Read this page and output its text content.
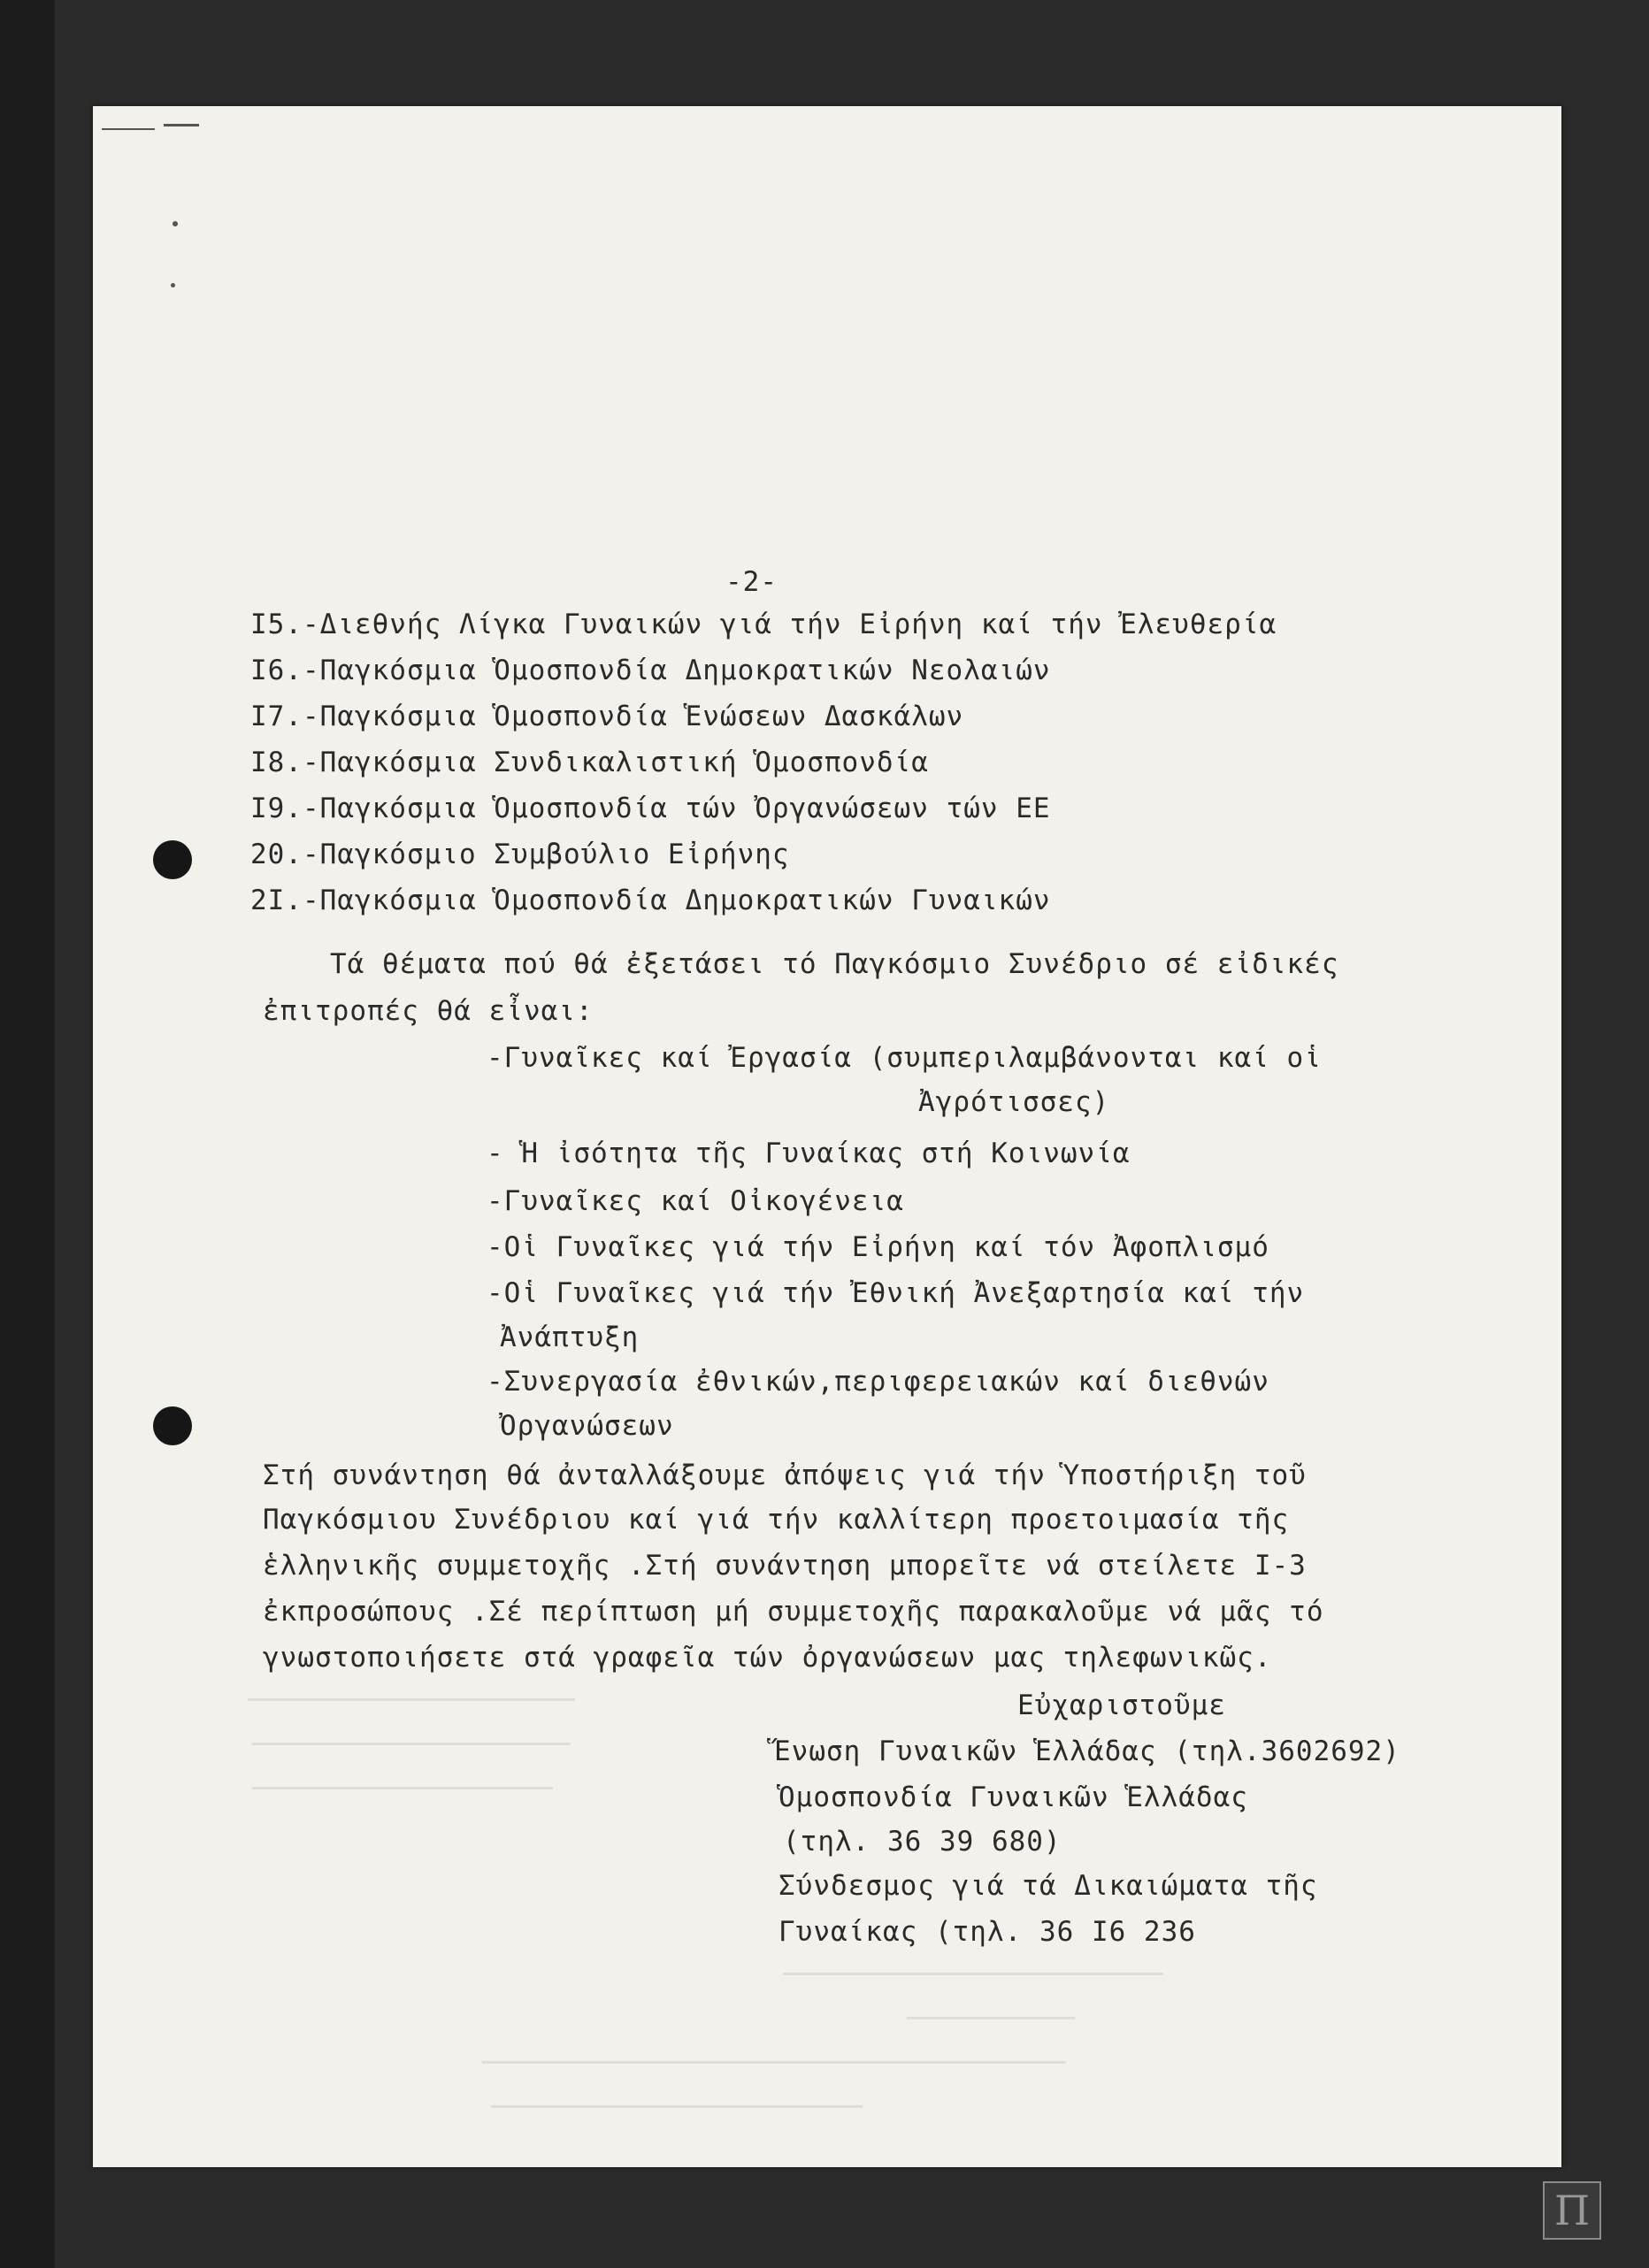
-2-
I5.-Διεθνής Λίγκα Γυναικών γιά τήν Εἰρήνη καί τήν Ἐλευθερία
I6.-Παγκόσμια Ὁμοσπονδία Δημοκρατικών Νεολαιών
I7.-Παγκόσμια Ὁμοσπονδία Ἑνώσεων Δασκάλων
I8.-Παγκόσμια Συνδικαλιστική Ὁμοσπονδία
I9.-Παγκόσμια Ὁμοσπονδία τών Ὀργανώσεων τών ΕΕ
20.-Παγκόσμιο Συμβούλιο Εἰρήνης
2I.-Παγκόσμια Ὁμοσπονδία Δημοκρατικών Γυναικών
Τά θέματα πού θά ἐξετάσει τό Παγκόσμιο Συνέδριο σέ εἰδικές
ἐπιτροπές θά εἶναι:
-Γυναῖκες καί Ἐργασία (συμπεριλαμβάνονται καί οἱ
Ἀγρότισσες)
- Ἡ ἰσότητα τῆς Γυναίκας στή Κοινωνία
-Γυναῖκες καί Οἰκογένεια
-Οἱ Γυναῖκες γιά τήν Εἰρήνη καί τόν Ἀφοπλισμό
-Οἱ Γυναῖκες γιά τήν Ἐθνική Ἀνεξαρτησία καί τήν
Ἀνάπτυξη
-Συνεργασία ἐθνικών,περιφερειακών καί διεθνών
Ὀργανώσεων
Στή συνάντηση θά ἀνταλλάξουμε ἀπόψεις γιά τήν Ὑποστήριξη τοῦ
Παγκόσμιου Συνέδριου καί γιά τήν καλλίτερη προετοιμασία τῆς
ἑλληνικῆς συμμετοχῆς .Στή συνάντηση μπορεῖτε νά στείλετε I-3
ἐκπροσώπους .Σέ περίπτωση μή συμμετοχῆς παρακαλοῦμε νά μᾶς τό
γνωστοποιήσετε στά γραφεῖα τών ὀργανώσεων μας τηλεφωνικῶς.
Εὐχαριστοῦμε
Ἕνωση Γυναικῶν Ἑλλάδας (τηλ.3602692)
Ὁμοσπονδία Γυναικῶν Ἑλλάδας
(τηλ. 36 39 680)
Σύνδεσμος γιά τά Δικαιώματα τῆς
Γυναίκας (τηλ. 36 I6 236
Π
